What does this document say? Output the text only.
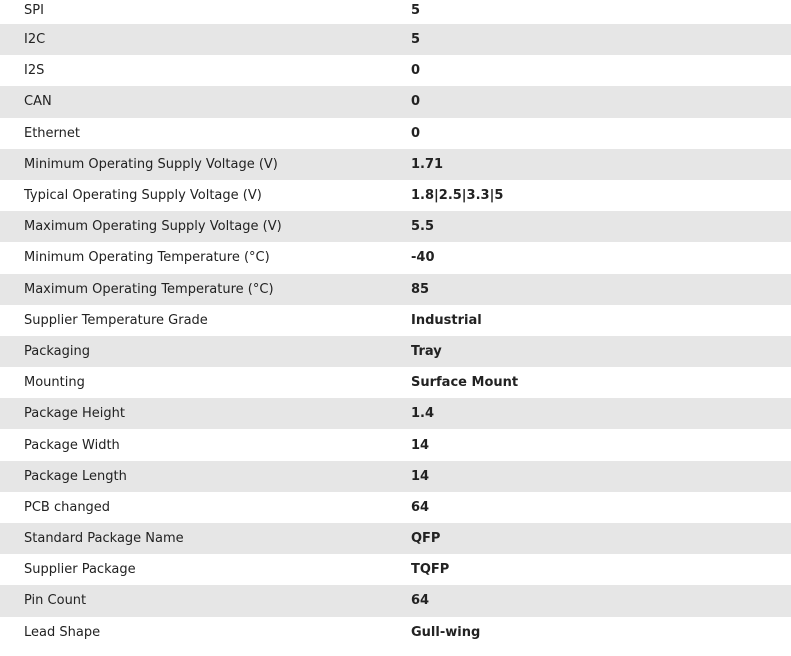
SPI	5
I2C	5
I2S	0
CAN	0
Ethernet	0
Minimum Operating Supply Voltage (V)	1.71
Typical Operating Supply Voltage (V)	1.8|2.5|3.3|5
Maximum Operating Supply Voltage (V)	5.5
Minimum Operating Temperature (°C)	-40
Maximum Operating Temperature (°C)	85
Supplier Temperature Grade	Industrial
Packaging	Tray
Mounting	Surface Mount
Package Height	1.4
Package Width	14
Package Length	14
PCB changed	64
Standard Package Name	QFP
Supplier Package	TQFP
Pin Count	64
Lead Shape	Gull-wing
